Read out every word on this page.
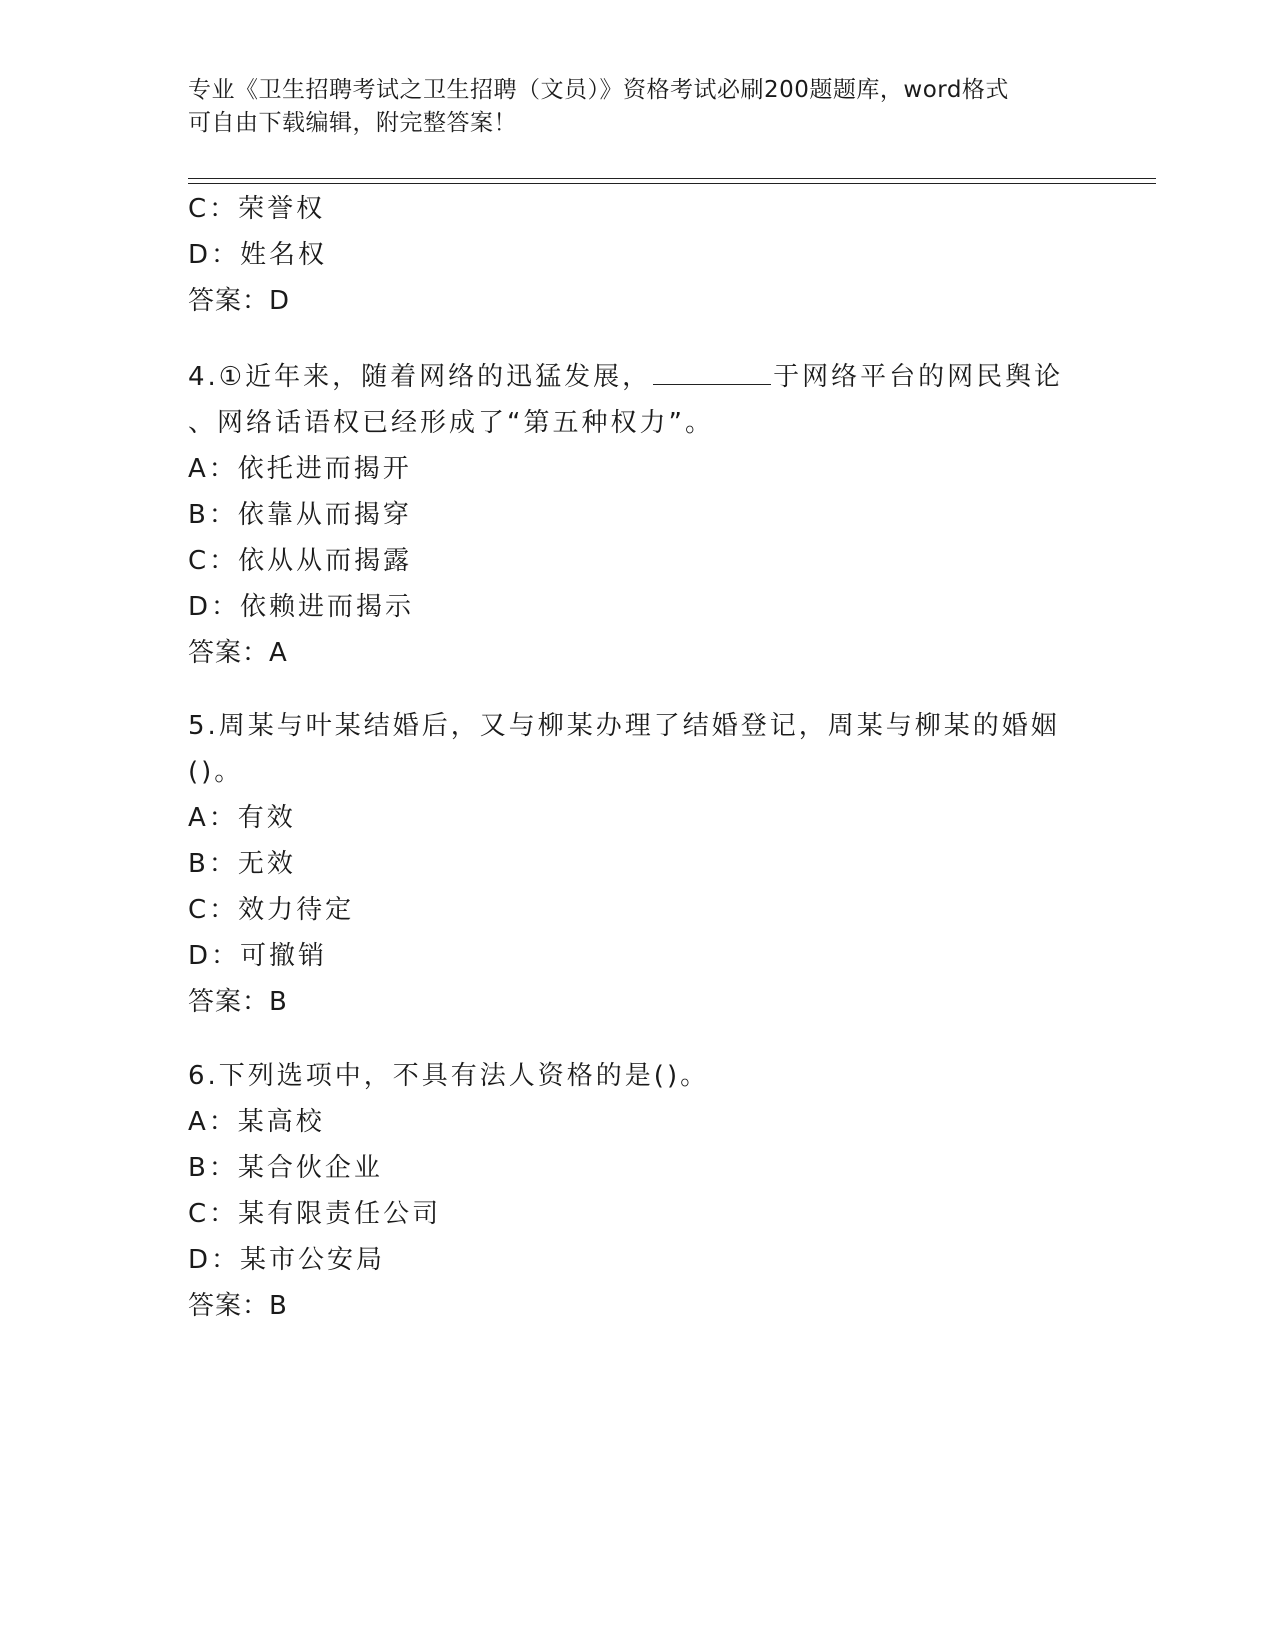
专业《卫生招聘考试之卫生招聘（文员）》资格考试必刷200题题库，word格式
可自由下载编辑，附完整答案！
C：荣誉权
D：姓名权
答案：D
4.①近年来，随着网络的迅猛发展，	于网络平台的网民舆论
、网络话语权已经形成了“第五种权力”。
A：依托进而揭开
B：依靠从而揭穿
C：依从从而揭露
D：依赖进而揭示
答案：A
5.周某与叶某结婚后，又与柳某办理了结婚登记，周某与柳某的婚姻
()。
A：有效
B：无效
C：效力待定
D：可撤销
答案：B
6.下列选项中，不具有法人资格的是()。
A：某高校
B：某合伙企业
C：某有限责任公司
D：某市公安局
答案：B
